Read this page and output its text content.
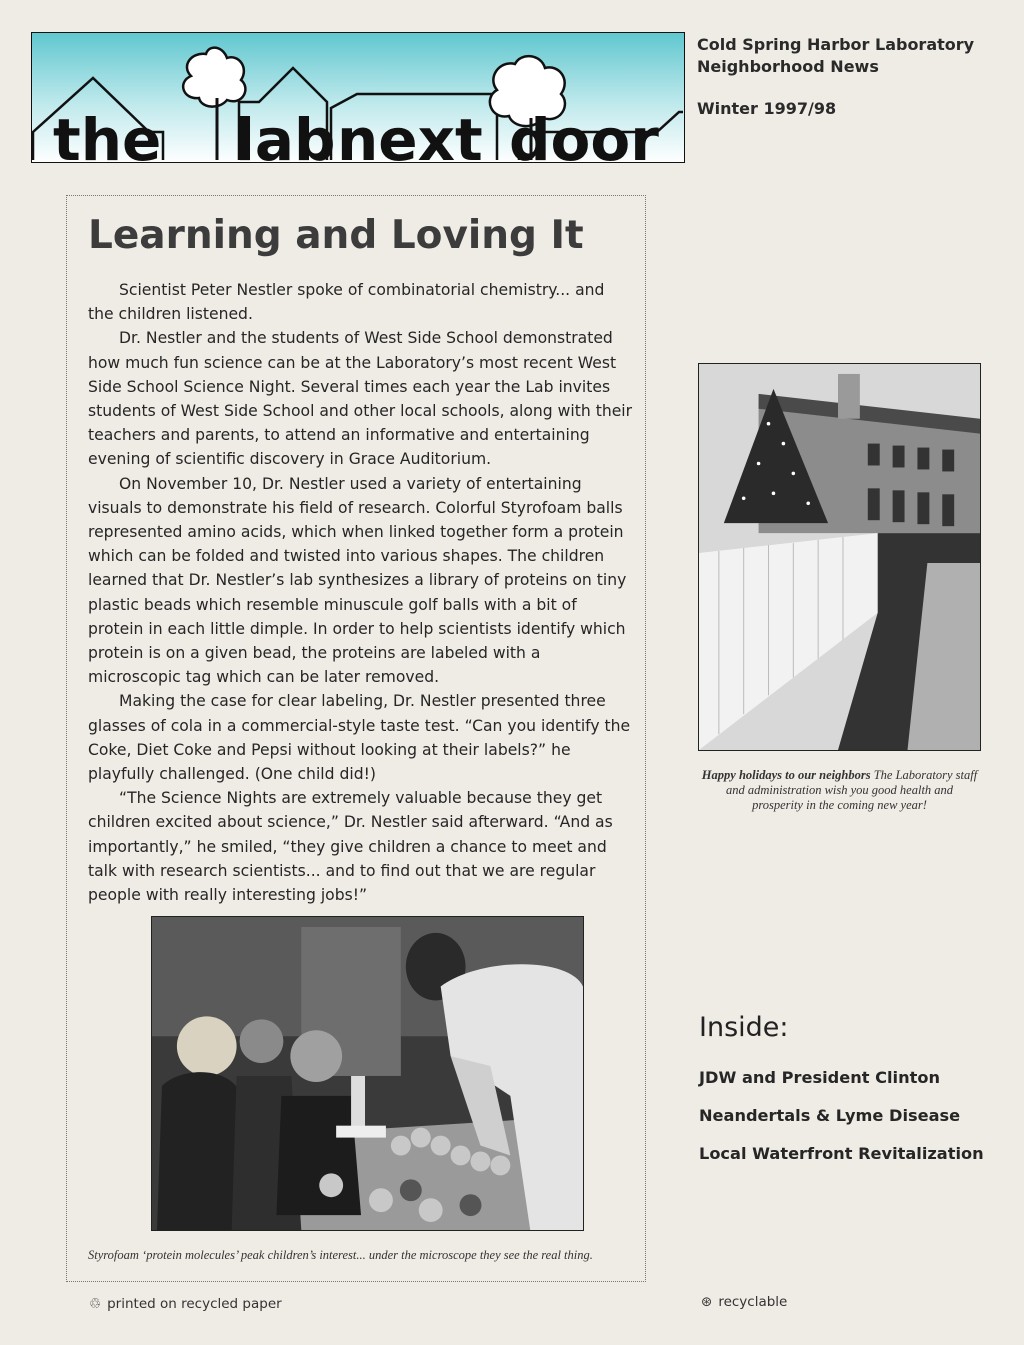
the lab next door
Cold Spring Harbor Laboratory
Neighborhood News
Winter 1997/98
Learning and Loving It

Scientist Peter Nestler spoke of combinatorial chemistry... and the children listened.

Dr. Nestler and the students of West Side School demonstrated how much fun science can be at the Laboratory’s most recent West Side School Science Night. Several times each year the Lab invites students of West Side School and other local schools, along with their teachers and parents, to attend an informative and entertaining evening of scientific discovery in Grace Auditorium.

On November 10, Dr. Nestler used a variety of entertaining visuals to demonstrate his field of research. Colorful Styrofoam balls represented amino acids, which when linked together form a protein which can be folded and twisted into various shapes. The children learned that Dr. Nestler’s lab synthesizes a library of proteins on tiny plastic beads which resemble minuscule golf balls with a bit of protein in each little dimple. In order to help scientists identify which protein is on a given bead, the proteins are labeled with a microscopic tag which can be later removed.

Making the case for clear labeling, Dr. Nestler presented three glasses of cola in a commercial-style taste test. “Can you identify the Coke, Diet Coke and Pepsi without looking at their labels?” he playfully challenged. (One child did!)

“The Science Nights are extremely valuable because they get children excited about science,” Dr. Nestler said afterward. “And as importantly,” he smiled, “they give children a chance to meet and talk with research scientists... and to find out that we are regular people with really interesting jobs!”

Styrofoam ‘protein molecules’ peak children’s interest... under the microscope they see the real thing.
Happy holidays to our neighbors The Laboratory staff and administration wish you good health and prosperity in the coming new year!
Inside:
JDW and President Clinton
Neandertals & Lyme Disease
Local Waterfront Revitalization
♲ printed on recycled paper	⊛ recyclable
